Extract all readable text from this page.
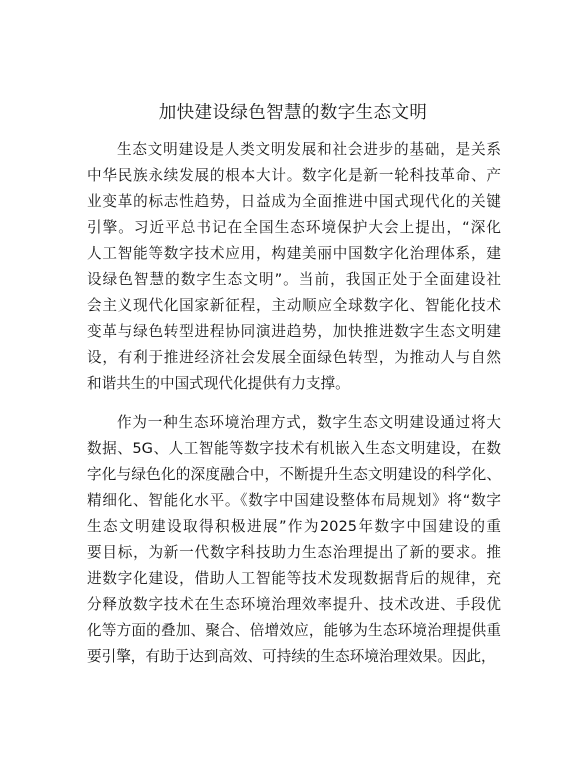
加快建设绿色智慧的数字生态文明
生态文明建设是人类文明发展和社会进步的基础，是关系
中华民族永续发展的根本大计。数字化是新一轮科技革命、产
业变革的标志性趋势，日益成为全面推进中国式现代化的关键
引擎。习近平总书记在全国生态环境保护大会上提出，“深化
人工智能等数字技术应用，构建美丽中国数字化治理体系，建
设绿色智慧的数字生态文明”。当前，我国正处于全面建设社
会主义现代化国家新征程，主动顺应全球数字化、智能化技术
变革与绿色转型进程协同演进趋势，加快推进数字生态文明建
设，有利于推进经济社会发展全面绿色转型，为推动人与自然
和谐共生的中国式现代化提供有力支撑。
作为一种生态环境治理方式，数字生态文明建设通过将大
数据、5G、人工智能等数字技术有机嵌入生态文明建设，在数
字化与绿色化的深度融合中，不断提升生态文明建设的科学化、
精细化、智能化水平。《数字中国建设整体布局规划》将“数字
生态文明建设取得积极进展”作为2025年数字中国建设的重
要目标，为新一代数字科技助力生态治理提出了新的要求。推
进数字化建设，借助人工智能等技术发现数据背后的规律，充
分释放数字技术在生态环境治理效率提升、技术改进、手段优
化等方面的叠加、聚合、倍增效应，能够为生态环境治理提供重
要引擎，有助于达到高效、可持续的生态环境治理效果。因此，
